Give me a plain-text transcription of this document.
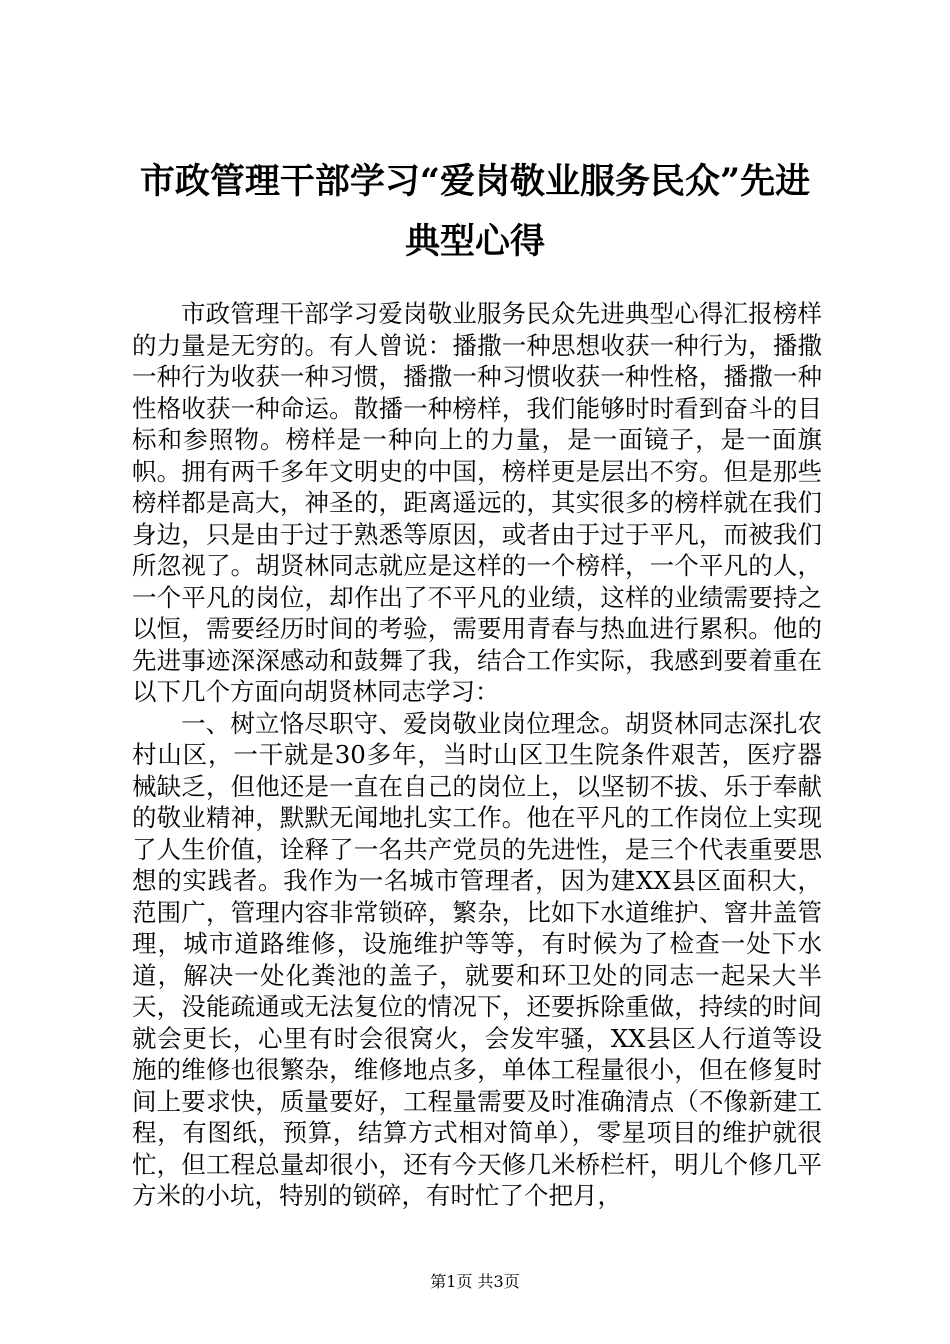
市政管理干部学习“爱岗敬业服务民众”先进
典型心得

市政管理干部学习爱岗敬业服务民众先进典型心得汇报榜样的力量是无穷的。有人曾说：播撒一种思想收获一种行为，播撒一种行为收获一种习惯，播撒一种习惯收获一种性格，播撒一种性格收获一种命运。散播一种榜样，我们能够时时看到奋斗的目标和参照物。榜样是一种向上的力量，是一面镜子，是一面旗帜。拥有两千多年文明史的中国，榜样更是层出不穷。但是那些榜样都是高大，神圣的，距离遥远的，其实很多的榜样就在我们身边，只是由于过于熟悉等原因，或者由于过于平凡，而被我们所忽视了。胡贤林同志就应是这样的一个榜样，一个平凡的人，一个平凡的岗位，却作出了不平凡的业绩，这样的业绩需要持之以恒，需要经历时间的考验，需要用青春与热血进行累积。他的先进事迹深深感动和鼓舞了我，结合工作实际，我感到要着重在以下几个方面向胡贤林同志学习：

一、树立恪尽职守、爱岗敬业岗位理念。胡贤林同志深扎农村山区，一干就是30多年，当时山区卫生院条件艰苦，医疗器械缺乏，但他还是一直在自己的岗位上，以坚韧不拔、乐于奉献的敬业精神，默默无闻地扎实工作。他在平凡的工作岗位上实现了人生价值，诠释了一名共产党员的先进性，是三个代表重要思想的实践者。我作为一名城市管理者，因为建XX县区面积大，范围广，管理内容非常锁碎，繁杂，比如下水道维护、窨井盖管理，城市道路维修，设施维护等等，有时候为了检查一处下水道，解决一处化粪池的盖子，就要和环卫处的同志一起呆大半天，没能疏通或无法复位的情况下，还要拆除重做，持续的时间就会更长，心里有时会很窝火，会发牢骚，XX县区人行道等设施的维修也很繁杂，维修地点多，单体工程量很小，但在修复时间上要求快，质量要好，工程量需要及时准确清点（不像新建工程，有图纸，预算，结算方式相对简单），零星项目的维护就很忙，但工程总量却很小，还有今天修几米桥栏杆，明儿个修几平方米的小坑，特别的锁碎，有时忙了个把月，

第1页 共3页
